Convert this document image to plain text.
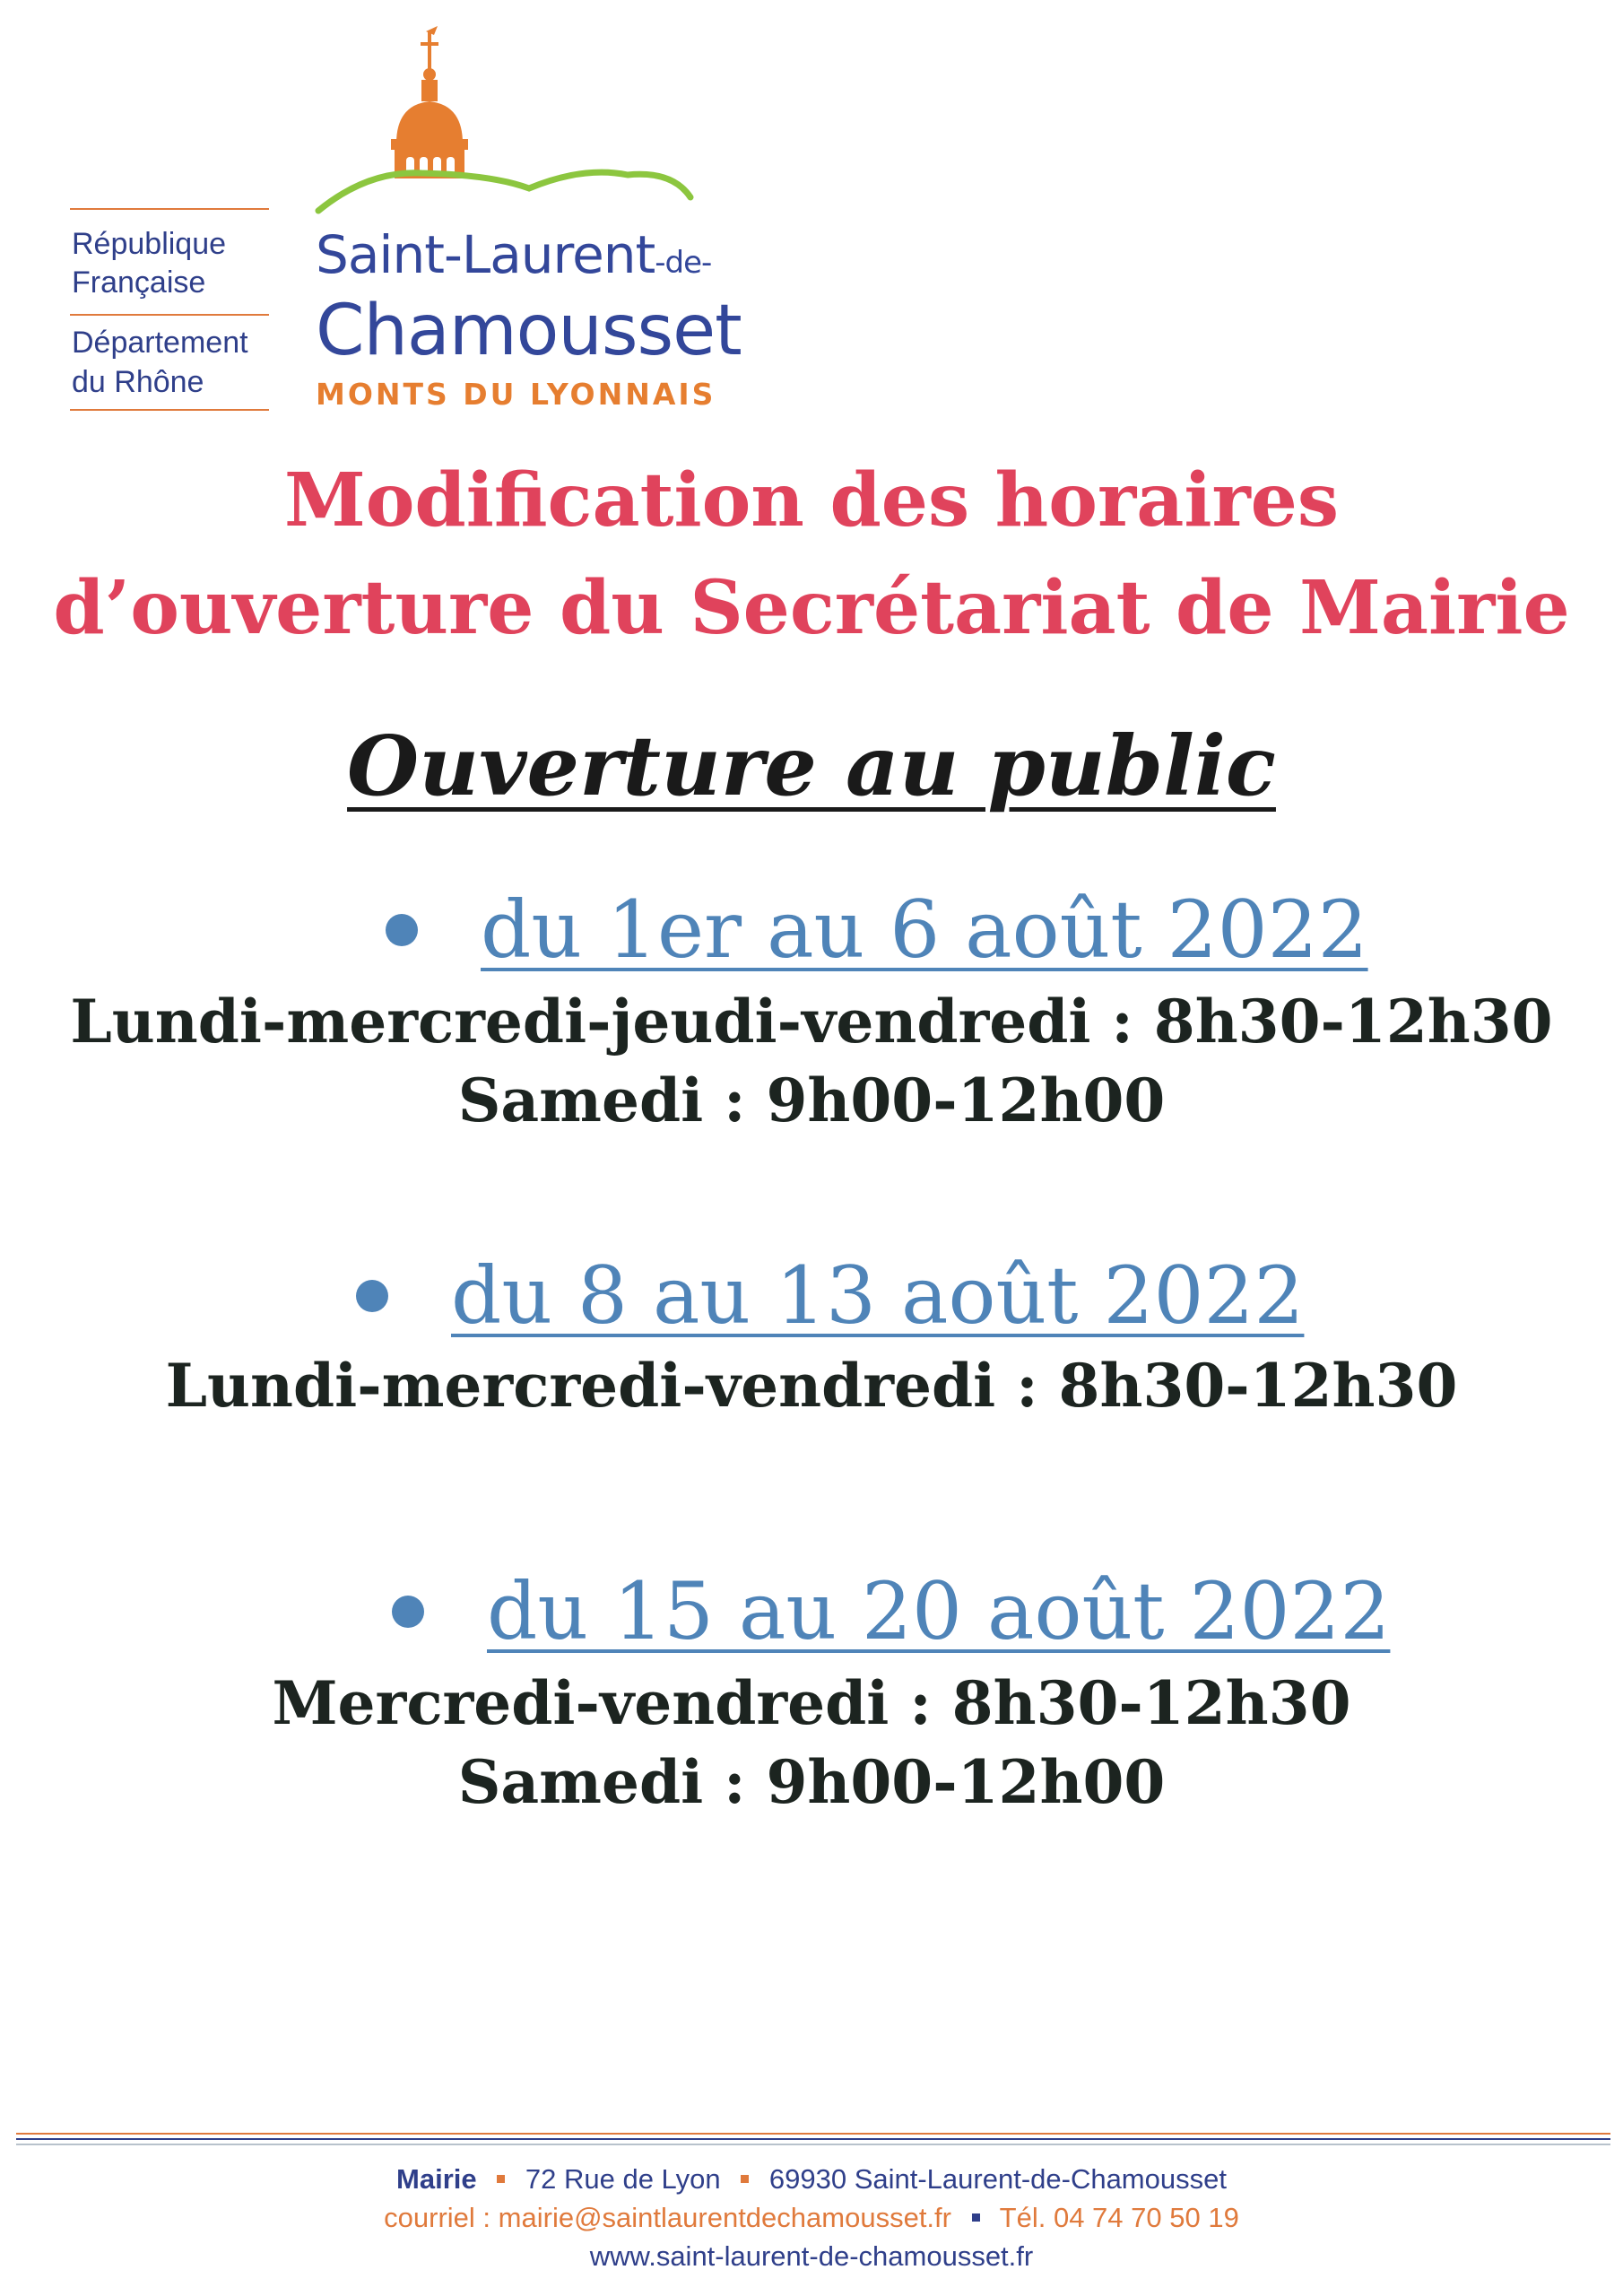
République
Française
Département
du Rhône
Saint-Laurent-de-
Chamousset
MONTS DU LYONNAIS
Modification des horaires
d’ouverture du Secrétariat de Mairie
Ouverture au public
du 1er au 6 août 2022
Lundi-mercredi-jeudi-vendredi : 8h30-12h30
Samedi : 9h00-12h00
du 8 au 13 août 2022
Lundi-mercredi-vendredi : 8h30-12h30
du 15 au 20 août 2022
Mercredi-vendredi : 8h30-12h30
Samedi : 9h00-12h00
Mairie 72 Rue de Lyon 69930 Saint-Laurent-de-Chamousset
courriel : mairie@saintlaurentdechamousset.fr Tél. 04 74 70 50 19
www.saint-laurent-de-chamousset.fr
